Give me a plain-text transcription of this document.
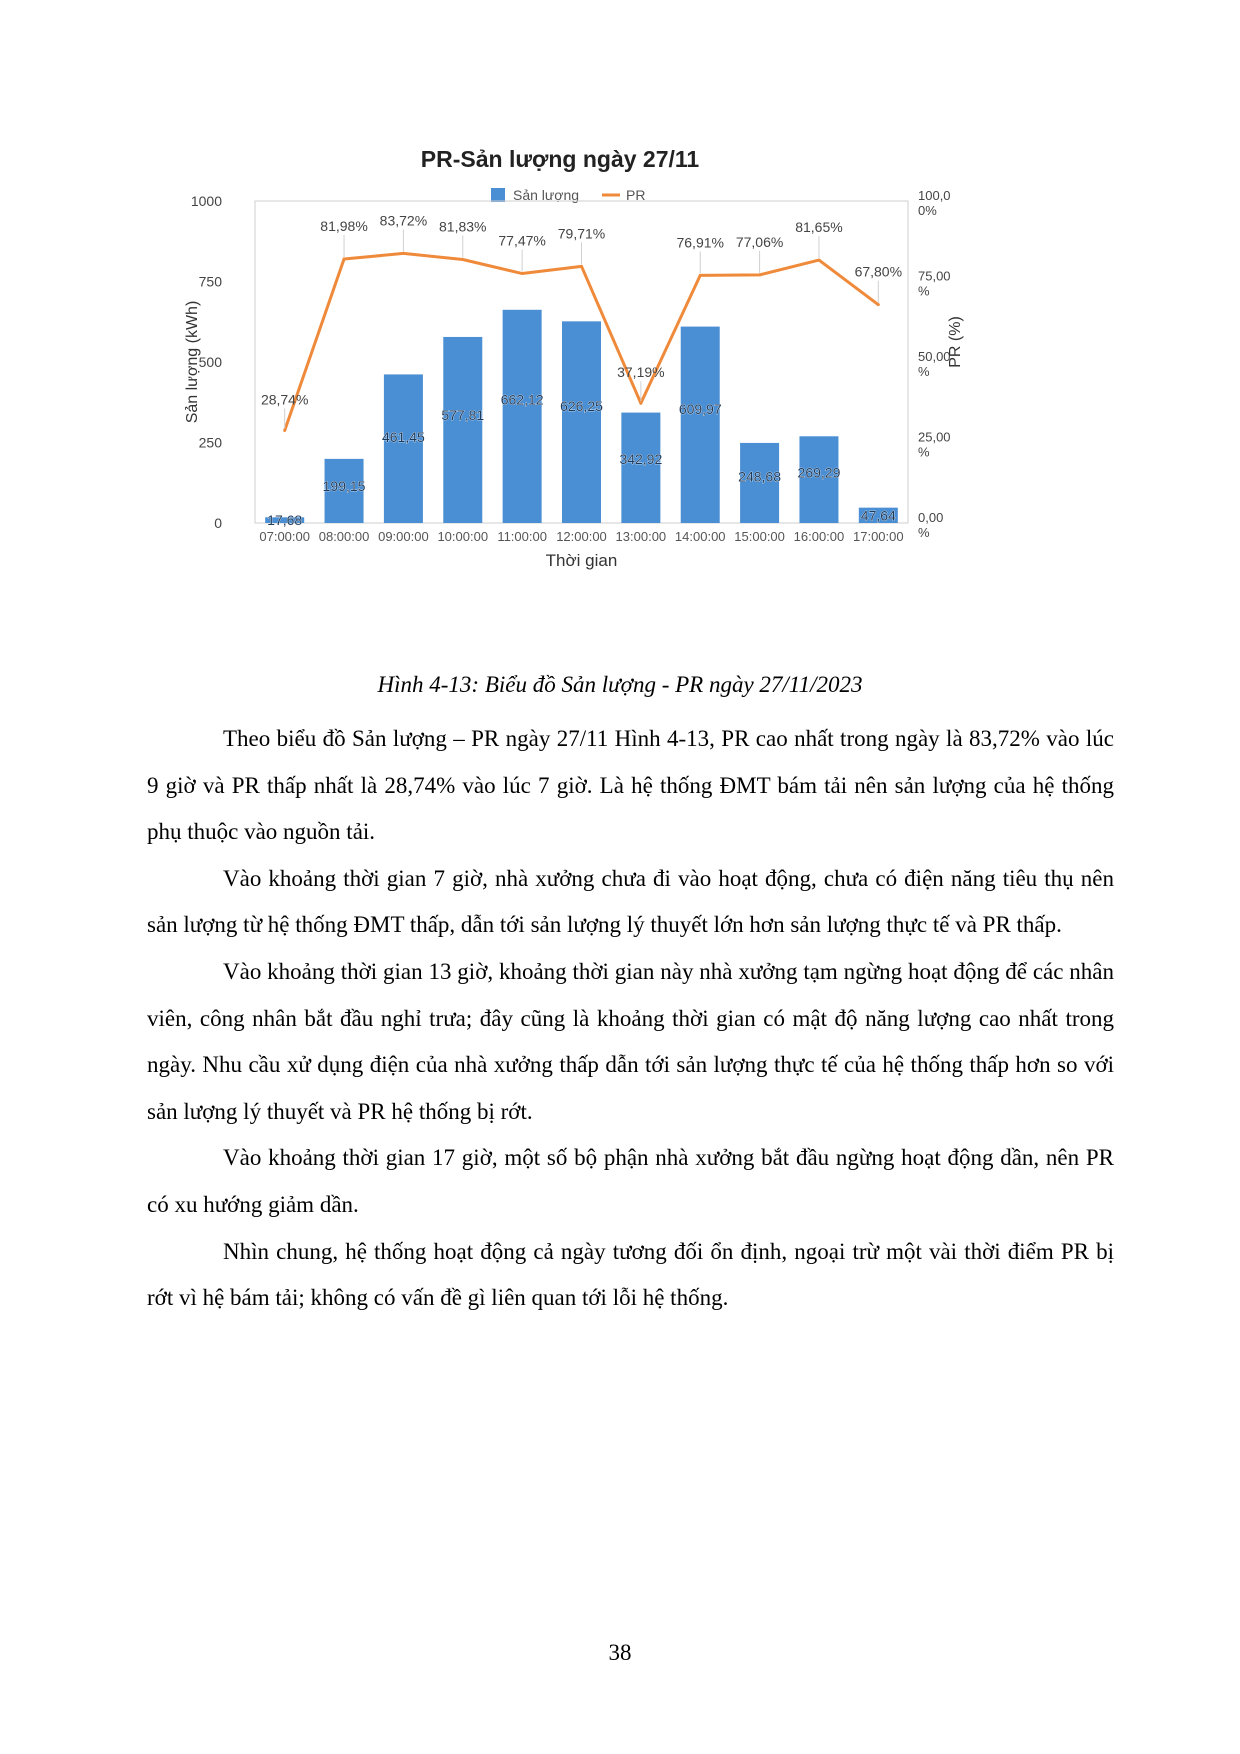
PR-Sản lượng ngày 27/11
Sản lượng	PR
0
250
500
750
1000
0,00
%
25,00
%
50,00
%
75,00
%
100,0
0%
Sản lượng (kWh)	PR (%)
Thời gian
07:00:00 08:00:00 09:00:00 10:00:00 11:00:00 12:00:00 13:00:00 14:00:00 15:00:00 16:00:00 17:00:00
17,68
199,15
461,45
577,81
662,12 626,25
342,92
609,97
248,68 269,29
47,64
28,74%
81,98% 83,72% 81,83%
77,47% 79,71%
37,19%
76,91% 77,06%
81,65%
67,80%
Hình 4-13: Biểu đồ Sản lượng - PR ngày 27/11/2023

Theo biểu đồ Sản lượng – PR ngày 27/11 Hình 4-13, PR cao nhất trong ngày là 83,72% vào lúc 9 giờ và PR thấp nhất là 28,74% vào lúc 7 giờ. Là hệ thống ĐMT bám tải nên sản lượng của hệ thống phụ thuộc vào nguồn tải.

Vào khoảng thời gian 7 giờ, nhà xưởng chưa đi vào hoạt động, chưa có điện năng tiêu thụ nên sản lượng từ hệ thống ĐMT thấp, dẫn tới sản lượng lý thuyết lớn hơn sản lượng thực tế và PR thấp.

Vào khoảng thời gian 13 giờ, khoảng thời gian này nhà xưởng tạm ngừng hoạt động để các nhân viên, công nhân bắt đầu nghỉ trưa; đây cũng là khoảng thời gian có mật độ năng lượng cao nhất trong ngày. Nhu cầu xử dụng điện của nhà xưởng thấp dẫn tới sản lượng thực tế của hệ thống thấp hơn so với sản lượng lý thuyết và PR hệ thống bị rớt.

Vào khoảng thời gian 17 giờ, một số bộ phận nhà xưởng bắt đầu ngừng hoạt động dần, nên PR có xu hướng giảm dần.

Nhìn chung, hệ thống hoạt động cả ngày tương đối ổn định, ngoại trừ một vài thời điểm PR bị rớt vì hệ bám tải; không có vấn đề gì liên quan tới lỗi hệ thống.

38
